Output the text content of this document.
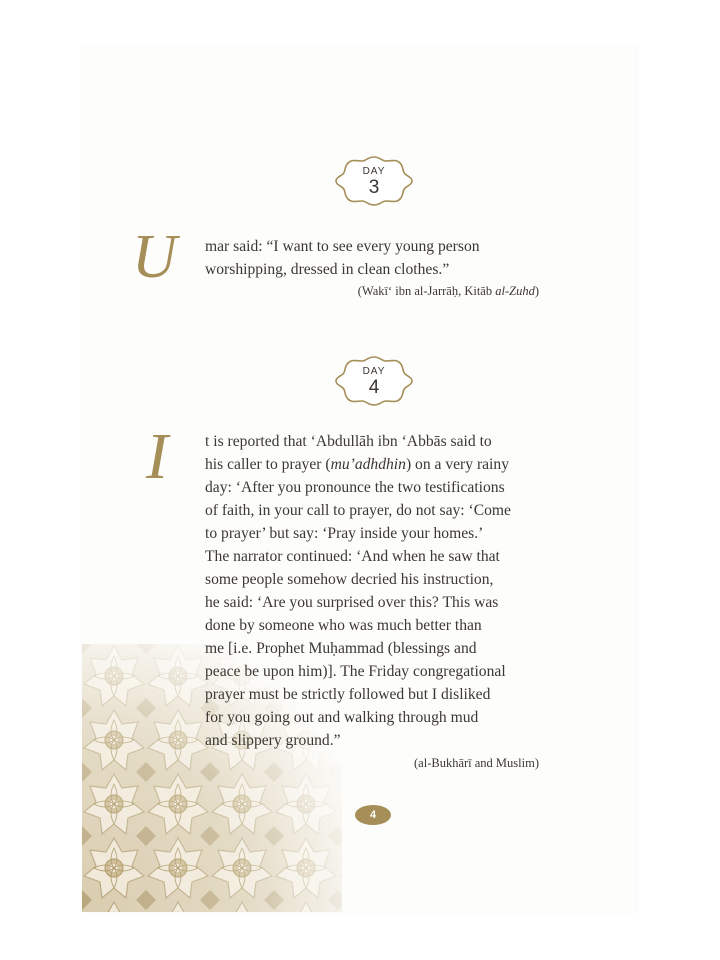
DAY
3
U mar said: “I want to see every young person
worshipping, dressed in clean clothes.”
(Wakī‘ ibn al-Jarrāḥ, Kitāb al-Zuhd)
DAY
4
I t is reported that ‘Abdullāh ibn ‘Abbās said to
his caller to prayer (mu’adhdhin) on a very rainy
day: ‘After you pronounce the two testifications
of faith, in your call to prayer, do not say: ‘Come
to prayer’ but say: ‘Pray inside your homes.’
The narrator continued: ‘And when he saw that
some people somehow decried his instruction,
he said: ‘Are you surprised over this? This was
done by someone who was much better than
me [i.e. Prophet Muḥammad (blessings and
peace be upon him)]. The Friday congregational
prayer must be strictly followed but I disliked
for you going out and walking through mud
and slippery ground.”
(al-Bukhārī and Muslim)
4
